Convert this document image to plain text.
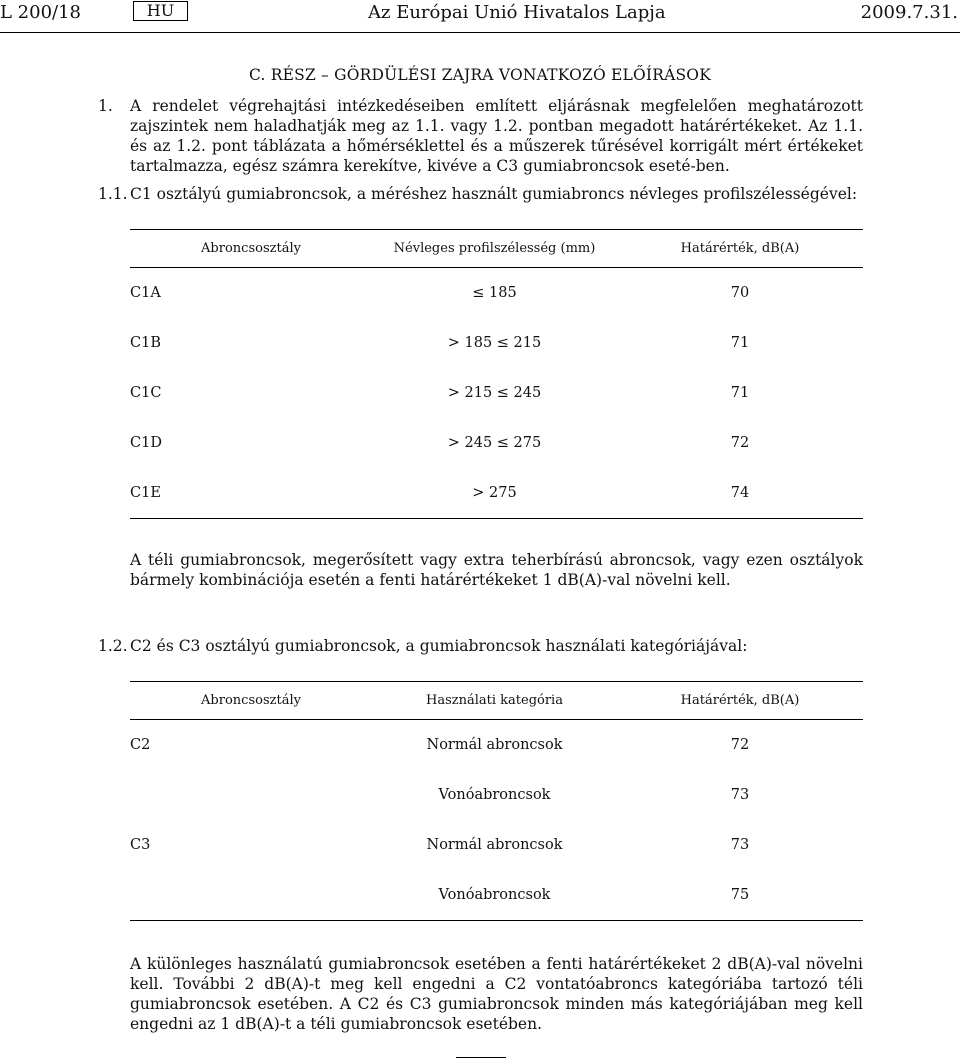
L 200/18	HU	Az Európai Unió Hivatalos Lapja	2009.7.31.
C. RÉSZ – GÖRDÜLÉSI ZAJRA VONATKOZÓ ELŐÍRÁSOK
1. A rendelet végrehajtási intézkedéseiben említett eljárásnak megfelelően meghatározott zajszintek nem haladhatják meg az 1.1. vagy 1.2. pontban megadott határértékeket. Az 1.1. és az 1.2. pont táblázata a hőmérséklettel és a műszerek tűrésével korrigált mért értékeket tartalmazza, egész számra kerekítve, kivéve a C3 gumiabroncsok eseté-ben.
1.1. C1 osztályú gumiabroncsok, a méréshez használt gumiabroncs névleges profilszélességével:
Abroncsosztály	Névleges profilszélesség (mm)	Határérték, dB(A)
C1A	≤ 185	70
C1B	> 185 ≤ 215	71
C1C	> 215 ≤ 245	71
C1D	> 245 ≤ 275	72
C1E	> 275	74
A téli gumiabroncsok, megerősített vagy extra teherbírású abroncsok, vagy ezen osztályok bármely kombinációja esetén a fenti határértékeket 1 dB(A)-val növelni kell.
1.2. C2 és C3 osztályú gumiabroncsok, a gumiabroncsok használati kategóriájával:
Abroncsosztály	Használati kategória	Határérték, dB(A)
C2	Normál abroncsok	72
	Vonóabroncsok	73
C3	Normál abroncsok	73
	Vonóabroncsok	75
A különleges használatú gumiabroncsok esetében a fenti határértékeket 2 dB(A)-val növelni kell. További 2 dB(A)-t meg kell engedni a C2 vontatóabroncs kategóriába tartozó téli gumiabroncsok esetében. A C2 és C3 gumiabroncsok minden más kategóriájában meg kell engedni az 1 dB(A)-t a téli gumiabroncsok esetében.
